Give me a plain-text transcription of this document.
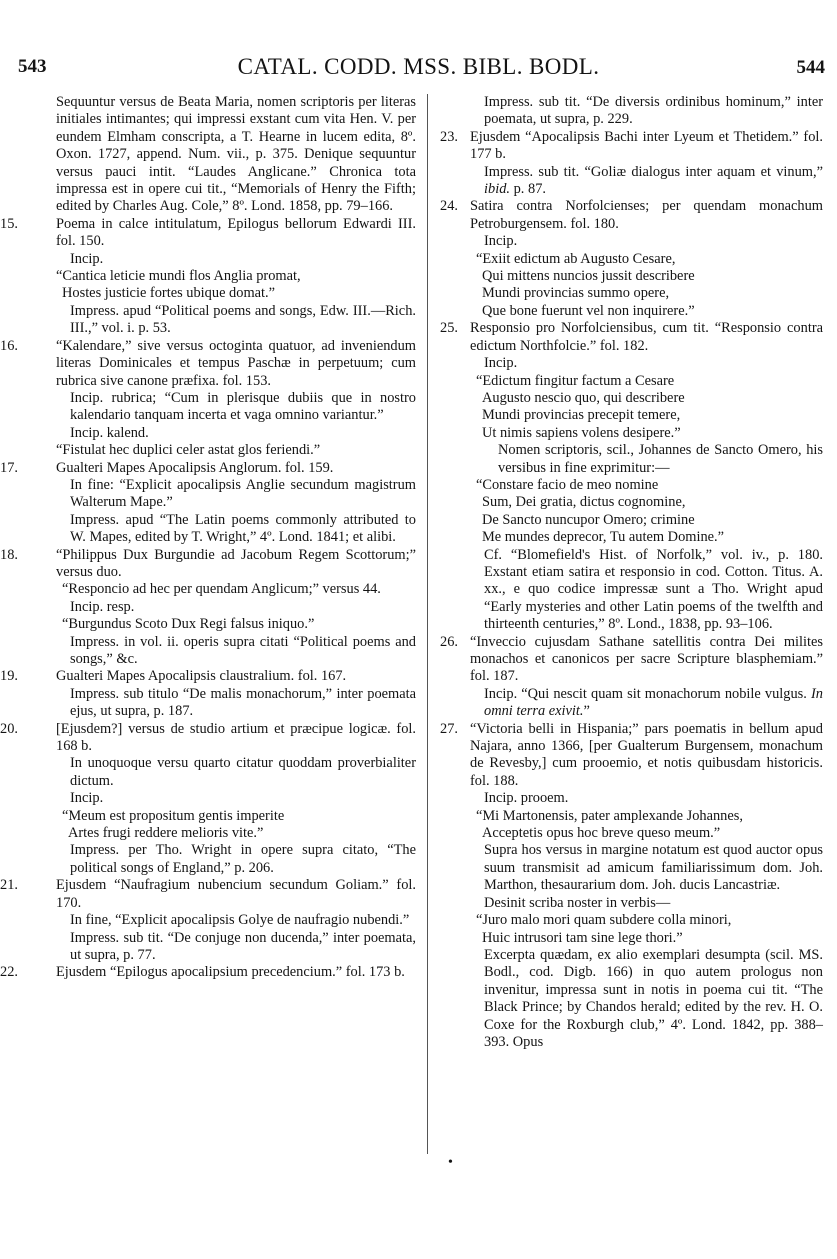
543	CATAL. CODD. MSS. BIBL. BODL.	544
Sequuntur versus de Beata Maria, nomen scriptoris per literas initiales intimantes; qui impressi exstant cum vita Hen. V. per eundem Elmham conscripta, a T. Hearne in lucem edita, 8º. Oxon. 1727, append. Num. vii., p. 375. Denique sequuntur versus pauci intit. “Laudes Anglicane.” Chronica tota impressa est in opere cui tit., “Memorials of Henry the Fifth; edited by Charles Aug. Cole,” 8º. Lond. 1858, pp. 79–166.
15.	Poema in calce intitulatum, Epilogus bellorum Edwardi III. fol. 150.
Incip.
“Cantica leticie mundi flos Anglia promat,
Hostes justicie fortes ubique domat.”
Impress. apud “Political poems and songs, Edw. III.—Rich. III.,” vol. i. p. 53.
16.	“Kalendare,” sive versus octoginta quatuor, ad inveniendum literas Dominicales et tempus Paschæ in perpetuum; cum rubrica sive canone præfixa. fol. 153.
Incip. rubrica; “Cum in plerisque dubiis que in nostro kalendario tanquam incerta et vaga omnino variantur.”
Incip. kalend.
“Fistulat hec duplici celer astat glos feriendi.”
17.	Gualteri Mapes Apocalipsis Anglorum. fol. 159.
In fine: “Explicit apocalipsis Anglie secundum magistrum Walterum Mape.”
Impress. apud “The Latin poems commonly attributed to W. Mapes, edited by T. Wright,” 4º. Lond. 1841; et alibi.
18.	“Philippus Dux Burgundie ad Jacobum Regem Scottorum;” versus duo.
“Responcio ad hec per quendam Anglicum;” versus 44.
Incip. resp.
“Burgundus Scoto Dux Regi falsus iniquo.”
Impress. in vol. ii. operis supra citati “Political poems and songs,” &c.
19.	Gualteri Mapes Apocalipsis claustralium. fol. 167.
Impress. sub titulo “De malis monachorum,” inter poemata ejus, ut supra, p. 187.
20.	[Ejusdem?] versus de studio artium et præcipue logicæ. fol. 168 b.
In unoquoque versu quarto citatur quoddam proverbialiter dictum.
Incip.
“Meum est propositum gentis imperite
Artes frugi reddere melioris vite.”
Impress. per Tho. Wright in opere supra citato, “The political songs of England,” p. 206.
21.	Ejusdem “Naufragium nubencium secundum Goliam.” fol. 170.
In fine, “Explicit apocalipsis Golye de naufragio nubendi.”
Impress. sub tit. “De conjuge non ducenda,” inter poemata, ut supra, p. 77.
22.	Ejusdem “Epilogus apocalipsium precedencium.” fol. 173 b.
Impress. sub tit. “De diversis ordinibus hominum,” inter poemata, ut supra, p. 229.
23. Ejusdem “Apocalipsis Bachi inter Lyeum et Thetidem.” fol. 177 b.
Impress. sub tit. “Goliæ dialogus inter aquam et vinum,” ibid. p. 87.
24. Satira contra Norfolcienses; per quendam monachum Petroburgensem. fol. 180.
Incip.
“Exiit edictum ab Augusto Cesare,
Qui mittens nuncios jussit describere
Mundi provincias summo opere,
Que bone fuerunt vel non inquirere.”
25. Responsio pro Norfolciensibus, cum tit. “Responsio contra edictum Northfolcie.” fol. 182.
Incip.
“Edictum fingitur factum a Cesare
Augusto nescio quo, qui describere
Mundi provincias precepit temere,
Ut nimis sapiens volens desipere.”
Nomen scriptoris, scil., Johannes de Sancto Omero, his versibus in fine exprimitur:—
“Constare facio de meo nomine
Sum, Dei gratia, dictus cognomine,
De Sancto nuncupor Omero; crimine
Me mundes deprecor, Tu autem Domine.”
Cf. “Blomefield's Hist. of Norfolk,” vol. iv., p. 180. Exstant etiam satira et responsio in cod. Cotton. Titus. A. xx., e quo codice impressæ sunt a Tho. Wright apud “Early mysteries and other Latin poems of the twelfth and thirteenth centuries,” 8º. Lond., 1838, pp. 93–106.
26. “Inveccio cujusdam Sathane satellitis contra Dei milites monachos et canonicos per sacre Scripture blasphemiam.” fol. 187.
Incip. “Qui nescit quam sit monachorum nobile vulgus. In omni terra exivit.”
27. “Victoria belli in Hispania;” pars poematis in bellum apud Najara, anno 1366, [per Gualterum Burgensem, monachum de Revesby,] cum prooemio, et notis quibusdam historicis. fol. 188.
Incip. prooem.
“Mi Martonensis, pater amplexande Johannes,
Acceptetis opus hoc breve queso meum.”
Supra hos versus in margine notatum est quod auctor opus suum transmisit ad amicum familiarissimum dom. Joh. Marthon, thesaurarium dom. Joh. ducis Lancastriæ.
Desinit scriba noster in verbis—
“Juro malo mori quam subdere colla minori,
Huic intrusori tam sine lege thori.”
Excerpta quædam, ex alio exemplari desumpta (scil. MS. Bodl., cod. Digb. 166) in quo autem prologus non invenitur, impressa sunt in notis in poema cui tit. “The Black Prince; by Chandos herald; edited by the rev. H. O. Coxe for the Roxburgh club,” 4º. Lond. 1842, pp. 388–393. Opus
•
